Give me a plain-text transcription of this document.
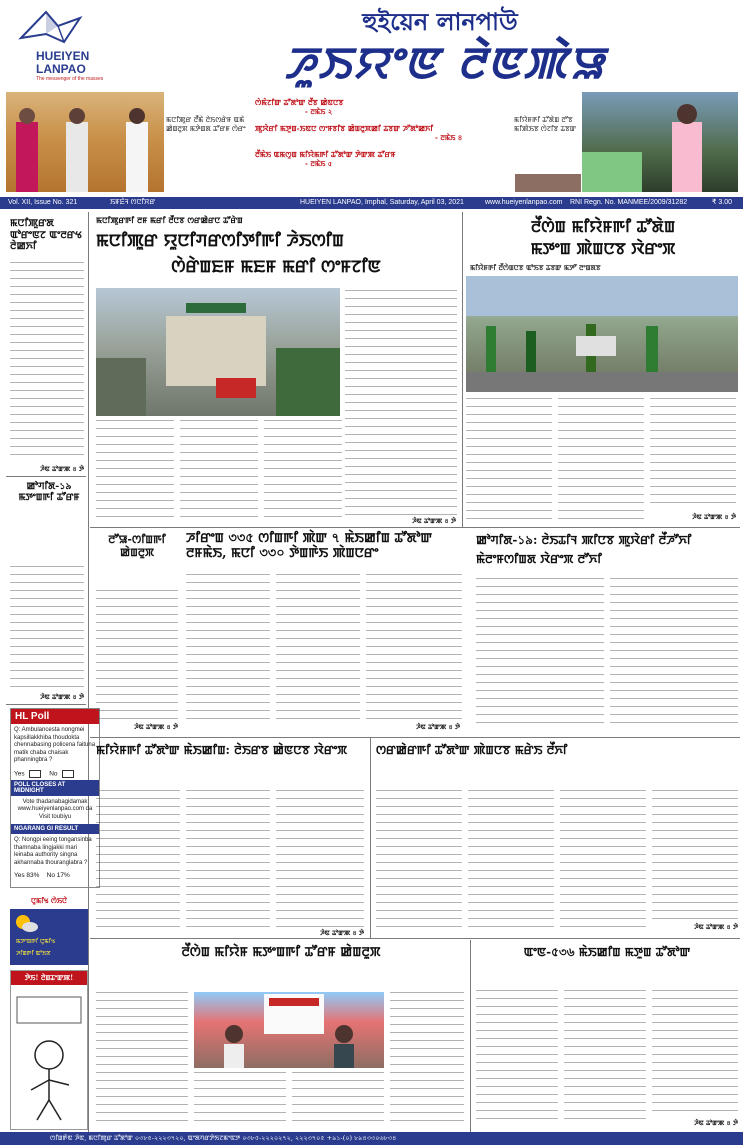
HUEIYEN
LANPAO
The messenger of the masses
হুইয়েন লানপাউ
ꯍꯨꯏꯌꯦꯟ ꯂꯥꯟꯄꯥꯎ
ꯃꯅꯤꯄꯨꯔ ꯂꯩꯃꯥ ꯂꯥꯏꯁꯔꯥꯝ ꯑꯃꯥ ꯀꯥꯡꯂꯨꯞ ꯃꯇꯥꯡꯗ ꯊꯧꯔꯝ ꯁꯥꯔꯦ
ꯁꯥꯃꯥꯖꯤꯛ ꯊꯧꯗꯣꯛ ꯂꯩꯕ ꯀꯥꯟꯅꯕ
- ꯂꯃꯥꯏ ২
ꯄꯨꯋꯥꯔꯤ ꯃꯇꯨꯡ-ꯏꯟꯅ ꯁꯦꯝꯕꯤꯕ ꯀꯥꯡꯂꯨꯞꯀꯤ ꯊꯕꯛ ꯍꯧꯗꯣꯀꯈꯤ
- ꯂꯃꯥꯏ ৪
ꯂꯩꯃꯥꯏ ꯑꯃꯁꯨꯡ ꯃꯤꯌꯥꯃꯒꯤ ꯊꯧꯗꯣꯛ ꯇꯥꯛꯄ ꯊꯧꯔꯝ
- ꯂꯃꯥꯏ ৫
ꯃꯤꯌꯥꯝꯒꯤ ꯊꯧꯗꯥꯡ ꯂꯧꯕ ꯃꯤꯄꯥꯏꯕ ꯁꯥꯖꯤꯕ ꯊꯕꯛ
Vol. XII, Issue No. 321	ꯏꯝꯐꯥꯜ ꯁꯅꯤꯆꯔ	HUEIYEN LANPAO, Imphal, Saturday, April 03, 2021	www.hueiyenlanpao.com RNI Regn. No. MANMEE/2009/31282	₹ 3.00
ꯃꯅꯤꯄꯨꯔꯗ ꯑꯣꯔꯦꯟꯖ ꯑꯦꯂꯔꯠ ꯂꯥꯀꯈꯤ
ꯍꯥꯟ ꯊꯣꯛꯄ ৪ ꯇꯥ
ꯀꯣꯚꯤꯗ-১৯ ꯃꯇꯦꯡꯒꯤ ꯊꯧꯔꯝ
ꯍꯥꯟ ꯊꯣꯛꯄ ৪ ꯇꯥ
HL Poll
Q: Ambulancesta nongmei kapsillakkhiba thoudokta chennabasing policena faituna matik chaba chaisak phanningbra ?
Yes	No
POLL CLOSES AT MIDNIGHT
Vote thadanabagidamak www.hueiyenlanpao.com da Visit toubiyu
NGARANG GI RESULT
Q: Nongpi eeing tongansinba thamnaba lingjakki mari leinaba authority singna akhannaba thouranglabra ?
Yes 83% No 17%
ꯅꯨꯃꯤꯠ ꯁꯥꯏꯅꯥ
ꯃꯇꯦꯡꯒꯤ ꯅꯨꯃꯤꯠ
ꯍꯤꯡꯒꯤ ꯑꯣꯏꯕ
ꯇꯥꯏ! ꯂꯥꯡꯊꯦꯛꯄ!
ꯃꯅꯤꯄꯨꯔꯒꯤ ꯂꯝ ꯃꯔꯤ ꯂꯩꯅꯕ ꯁꯔꯀꯥꯔꯅ ꯊꯧꯔꯥꯡ
ꯃꯅꯤꯄꯨꯔ ꯌꯨꯅꯤꯚꯔꯁꯤꯇꯤꯒꯤ ꯍꯥꯏꯁꯤꯡ
ꯁꯥꯔꯥꯡꯐꯝ ꯃꯐꯝ ꯃꯔꯤ ꯁꯦꯝꯖꯤꯟ
ꯍꯥꯟ ꯊꯣꯛꯄ ৪ ꯇꯥ
ꯂꯩꯁꯥꯡ ꯃꯤꯌꯥꯝꯒꯤ ꯊꯧꯗꯥꯡ
ꯃꯇꯦꯡ ꯄꯥꯡꯅꯕ ꯋꯥꯔꯦꯞ
ꯃꯤꯌꯥꯝꯒꯤ ꯂꯩꯁꯥꯡꯅꯕ ꯑꯣꯏꯕ ꯊꯕꯛ ꯃꯇꯧ ꯂꯦꯡꯗꯕ
ꯍꯥꯟ ꯊꯣꯛꯄ ৪ ꯇꯥ
ꯂꯧꯎ-ꯁꯤꯡꯒꯤ ꯀꯥꯡꯂꯨꯞ
ꯍꯥꯟ ꯊꯣꯛꯄ ৪ ꯇꯥ
ꯍꯤꯔꯦꯡ ৩৩৫ ꯁꯤꯡꯒꯤ ꯄꯥꯛ ৭ ꯃꯥꯏꯀꯤꯡ ꯊꯧꯗꯣꯛ ꯂꯝꯃꯥꯏ, ꯃꯅꯤ ৩৩০ ꯇꯥꯡꯒꯥꯏ ꯄꯥꯡꯅꯔꯦ
ꯍꯥꯟ ꯊꯣꯛꯄ ৪ ꯇꯥ
ꯀꯣꯚꯤꯗ-১৯: ꯂꯥꯏꯊꯤꯜ ꯄꯤꯅꯕ ꯄꯨꯋꯥꯔꯤ ꯂꯩꯍꯧꯈꯤ
ꯃꯥꯂꯦꯝꯁꯤꯡꯗ ꯋꯥꯔꯦꯞ ꯂꯧꯈꯤ
ꯃꯤꯌꯥꯝꯒꯤ ꯊꯧꯗꯣꯛ ꯃꯥꯏꯀꯤꯡ: ꯂꯥꯏꯔꯕ ꯀꯥꯟꯅꯕ ꯋꯥꯔꯦꯞ
ꯍꯥꯟ ꯊꯣꯛꯄ ৪ ꯇꯥ
ꯁꯔꯀꯥꯔꯒꯤ ꯊꯧꯗꯣꯛ ꯄꯥꯡꯅꯕ ꯃꯔꯥꯏ ꯂꯩꯈꯤ
ꯍꯥꯟ ꯊꯣꯛꯄ ৪ ꯇꯥ
ꯂꯩꯁꯥꯡ ꯃꯤꯌꯥꯝ ꯃꯇꯦꯡꯒꯤ ꯊꯧꯔꯝ ꯀꯥꯡꯂꯨꯞ	ꯑꯦꯟ-৫৩৬ ꯃꯥꯏꯀꯤꯡ ꯃꯇꯨꯡ ꯊꯧꯗꯣꯛ
ꯍꯥꯟ ꯊꯣꯛꯄ ৪ ꯇꯥ
ꯁꯤꯡꯒꯥꯟ ꯍꯥꯟ, ꯃꯅꯤꯄꯨꯔ ꯊꯧꯗꯣꯛ ০৩৮৫-২২২৩৭২০, ꯑꯦꯗꯚꯔꯇꯥꯏꯖꯃꯦꯟꯇ ০৩৮৫-২২২০২৭২, ২২২৩৭০৫ +৯১-(০) ৮৯৪৩৩০৬৮৩৪
